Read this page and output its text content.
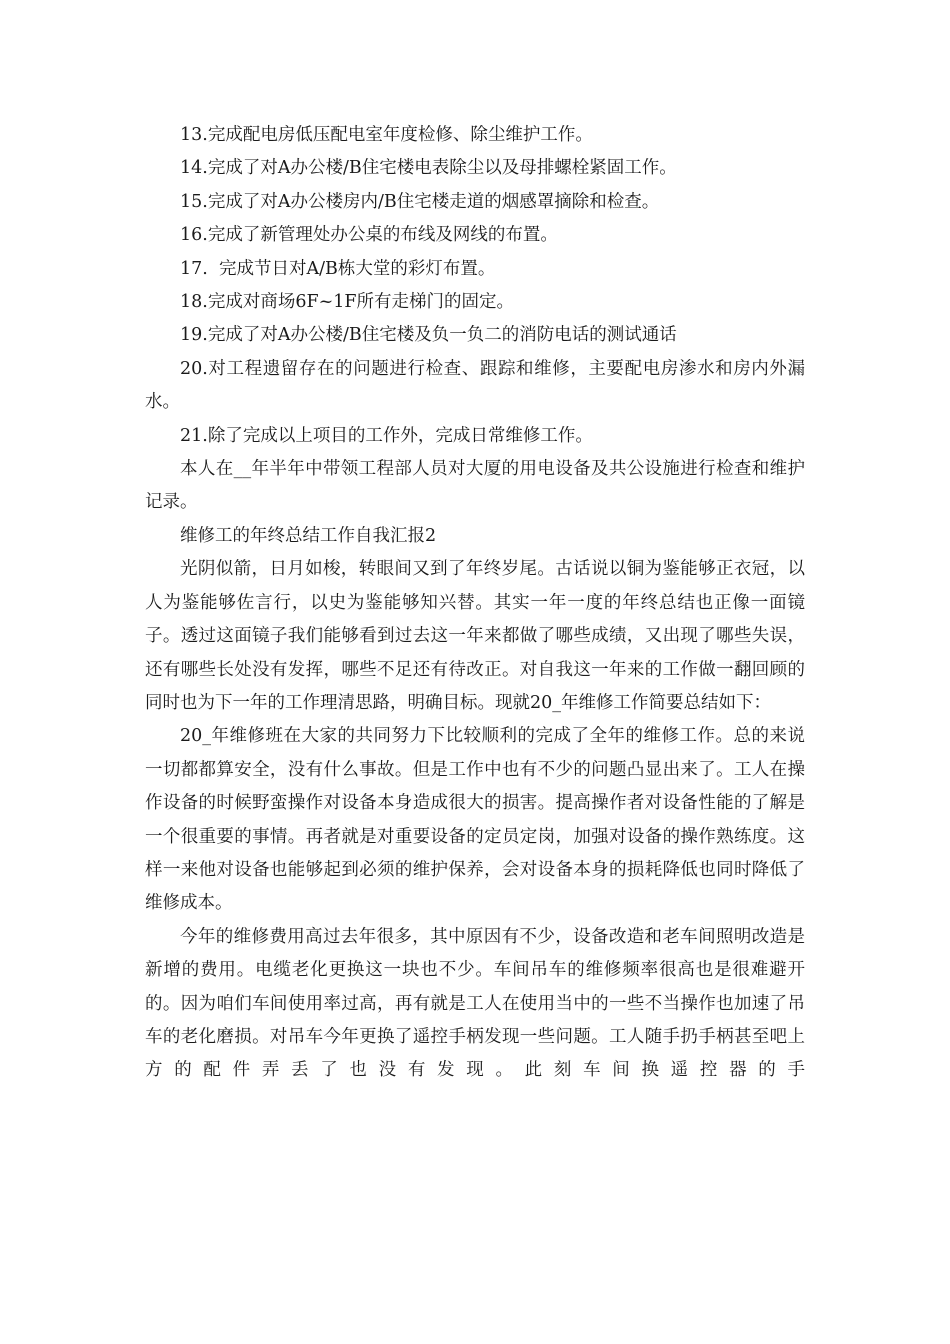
13.完成配电房低压配电室年度检修、除尘维护工作。

14.完成了对A办公楼/B住宅楼电表除尘以及母排螺栓紧固工作。

15.完成了对A办公楼房内/B住宅楼走道的烟感罩摘除和检查。

16.完成了新管理处办公桌的布线及网线的布置。

17.  完成节日对A/B栋大堂的彩灯布置。

18.完成对商场6F~1F所有走梯门的固定。

19.完成了对A办公楼/B住宅楼及负一负二的消防电话的测试通话

20.对工程遗留存在的问题进行检查、跟踪和维修，主要配电房渗水和房内外漏水。

21.除了完成以上项目的工作外，完成日常维修工作。

本人在__年半年中带领工程部人员对大厦的用电设备及共公设施进行检查和维护记录。

维修工的年终总结工作自我汇报2

光阴似箭，日月如梭，转眼间又到了年终岁尾。古话说以铜为鉴能够正衣冠，以人为鉴能够佐言行，以史为鉴能够知兴替。其实一年一度的年终总结也正像一面镜子。透过这面镜子我们能够看到过去这一年来都做了哪些成绩，又出现了哪些失误，还有哪些长处没有发挥，哪些不足还有待改正。对自我这一年来的工作做一翻回顾的同时也为下一年的工作理清思路，明确目标。现就20_年维修工作简要总结如下：

20_年维修班在大家的共同努力下比较顺利的完成了全年的维修工作。总的来说一切都都算安全，没有什么事故。但是工作中也有不少的问题凸显出来了。工人在操作设备的时候野蛮操作对设备本身造成很大的损害。提高操作者对设备性能的了解是一个很重要的事情。再者就是对重要设备的定员定岗，加强对设备的操作熟练度。这样一来他对设备也能够起到必须的维护保养，会对设备本身的损耗降低也同时降低了维修成本。

今年的维修费用高过去年很多，其中原因有不少，设备改造和老车间照明改造是新增的费用。电缆老化更换这一块也不少。车间吊车的维修频率很高也是很难避开的。因为咱们车间使用率过高，再有就是工人在使用当中的一些不当操作也加速了吊车的老化磨损。对吊车今年更换了遥控手柄发现一些问题。工人随手扔手柄甚至吧上方的配件弄丢了也没有发现。此刻车间换遥控器的手
